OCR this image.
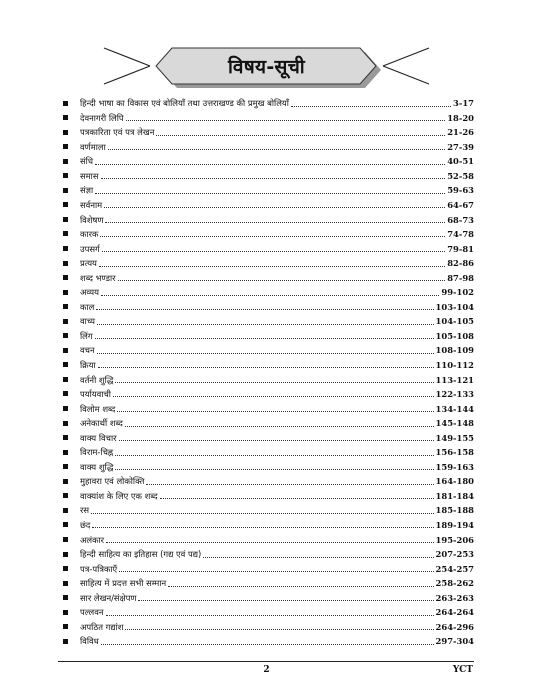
विषय-सूची
हिन्दी भाषा का विकास एवं बोलियाँ तथा उत्तराखण्ड की प्रमुख बोलियाँ	3-17
देवनागरी लिपि	18-20
पत्रकारिता एवं पत्र लेखन	21-26
वर्णमाला	27-39
संधि	40-51
समास	52-58
संज्ञा	59-63
सर्वनाम	64-67
विशेषण	68-73
कारक	74-78
उपसर्ग	79-81
प्रत्यय	82-86
शब्द भण्डार	87-98
अव्यय	99-102
काल	103-104
वाच्य	104-105
लिंग	105-108
वचन	108-109
क्रिया	110-112
वर्तनी शुद्धि	113-121
पर्यायवाची	122-133
विलोम शब्द	134-144
अनेकार्थी शब्द	145-148
वाक्य विचार	149-155
विराम-चिह्न	156-158
वाक्य शुद्धि	159-163
मुहावरा एवं लोकोक्ति	164-180
वाक्यांश के लिए एक शब्द	181-184
रस	185-188
छंद	189-194
अलंकार	195-206
हिन्दी साहित्य का इतिहास (गद्य एवं पद्य)	207-253
पत्र-पत्रिकाएँ	254-257
साहित्य में प्रदत्त सभी सम्मान	258-262
सार लेखन/संक्षेपण	263-263
पल्लवन	264-264
अपठित गद्यांश	264-296
विविध	297-304
2	YCT
